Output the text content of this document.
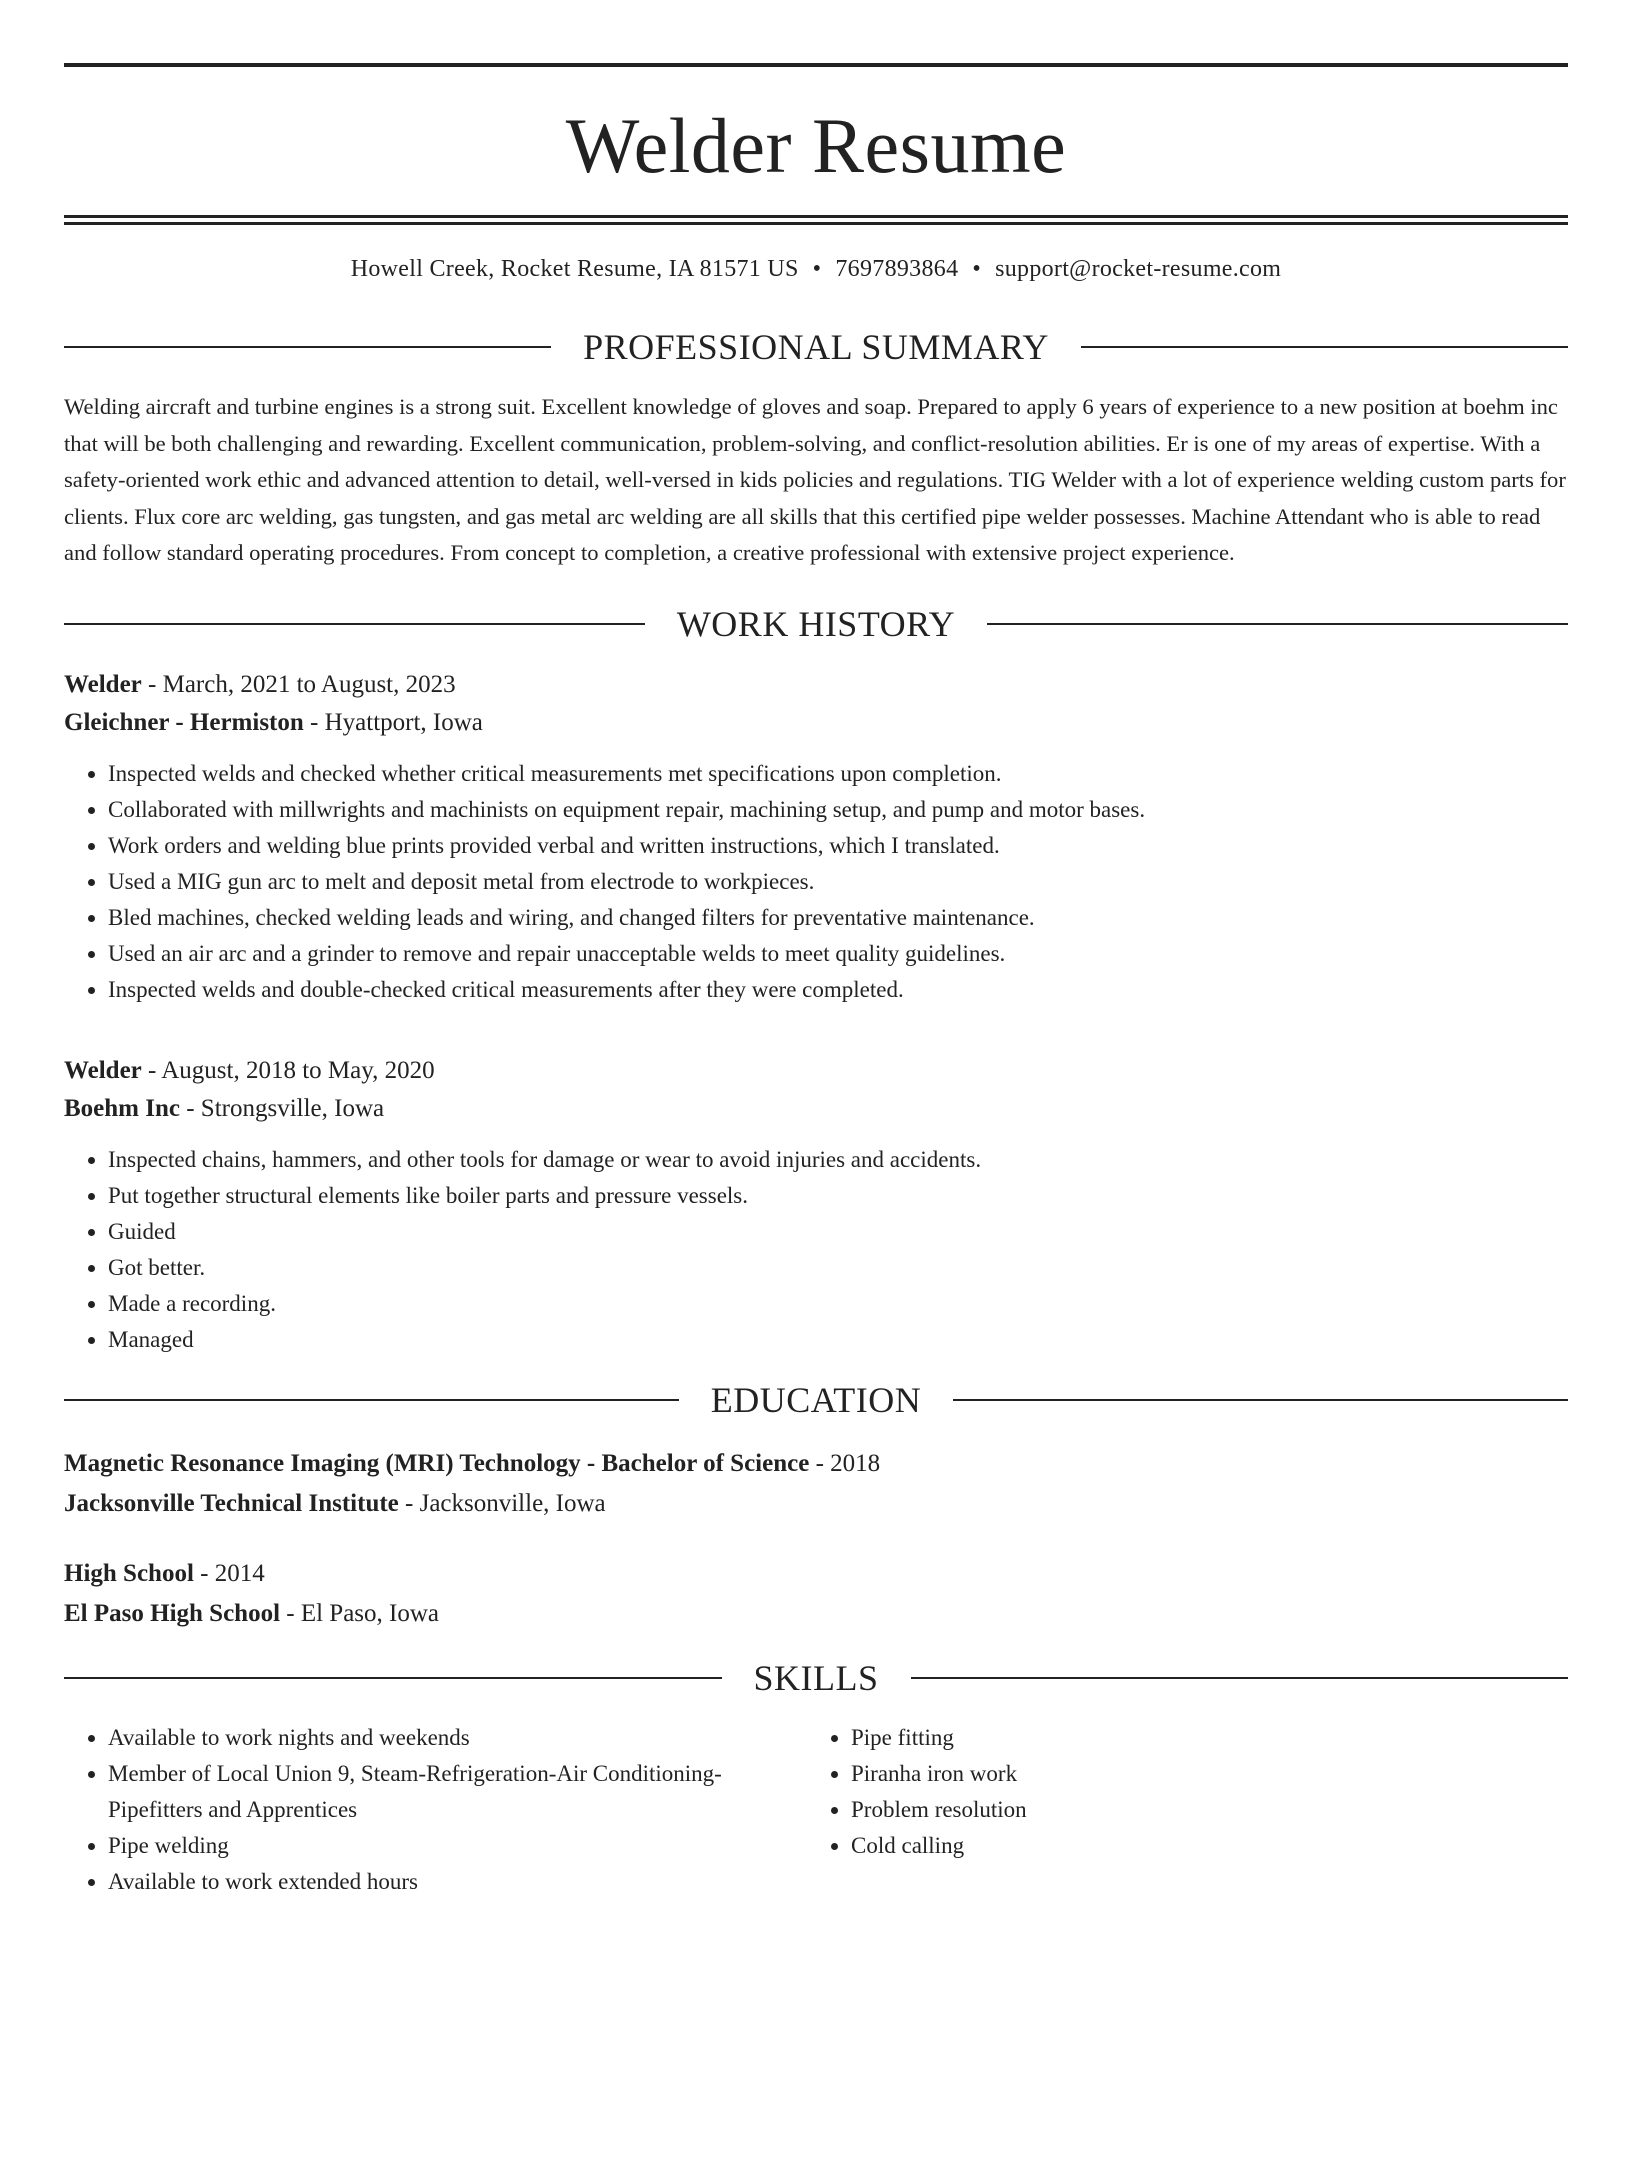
Welder Resume
Howell Creek, Rocket Resume, IA 81571 US • 7697893864 • support@rocket-resume.com
PROFESSIONAL SUMMARY
Welding aircraft and turbine engines is a strong suit. Excellent knowledge of gloves and soap. Prepared to apply 6 years of experience to a new position at boehm inc that will be both challenging and rewarding. Excellent communication, problem-solving, and conflict-resolution abilities. Er is one of my areas of expertise. With a safety-oriented work ethic and advanced attention to detail, well-versed in kids policies and regulations. TIG Welder with a lot of experience welding custom parts for clients. Flux core arc welding, gas tungsten, and gas metal arc welding are all skills that this certified pipe welder possesses. Machine Attendant who is able to read and follow standard operating procedures. From concept to completion, a creative professional with extensive project experience.
WORK HISTORY
Welder - March, 2021 to August, 2023
Gleichner - Hermiston - Hyattport, Iowa
• Inspected welds and checked whether critical measurements met specifications upon completion.
• Collaborated with millwrights and machinists on equipment repair, machining setup, and pump and motor bases.
• Work orders and welding blue prints provided verbal and written instructions, which I translated.
• Used a MIG gun arc to melt and deposit metal from electrode to workpieces.
• Bled machines, checked welding leads and wiring, and changed filters for preventative maintenance.
• Used an air arc and a grinder to remove and repair unacceptable welds to meet quality guidelines.
• Inspected welds and double-checked critical measurements after they were completed.
Welder - August, 2018 to May, 2020
Boehm Inc - Strongsville, Iowa
• Inspected chains, hammers, and other tools for damage or wear to avoid injuries and accidents.
• Put together structural elements like boiler parts and pressure vessels.
• Guided
• Got better.
• Made a recording.
• Managed
EDUCATION
Magnetic Resonance Imaging (MRI) Technology - Bachelor of Science - 2018
Jacksonville Technical Institute - Jacksonville, Iowa
High School - 2014
El Paso High School - El Paso, Iowa
SKILLS
• Available to work nights and weekends
• Member of Local Union 9, Steam-Refrigeration-Air Conditioning-Pipefitters and Apprentices
• Pipe welding
• Available to work extended hours
• Pipe fitting
• Piranha iron work
• Problem resolution
• Cold calling
